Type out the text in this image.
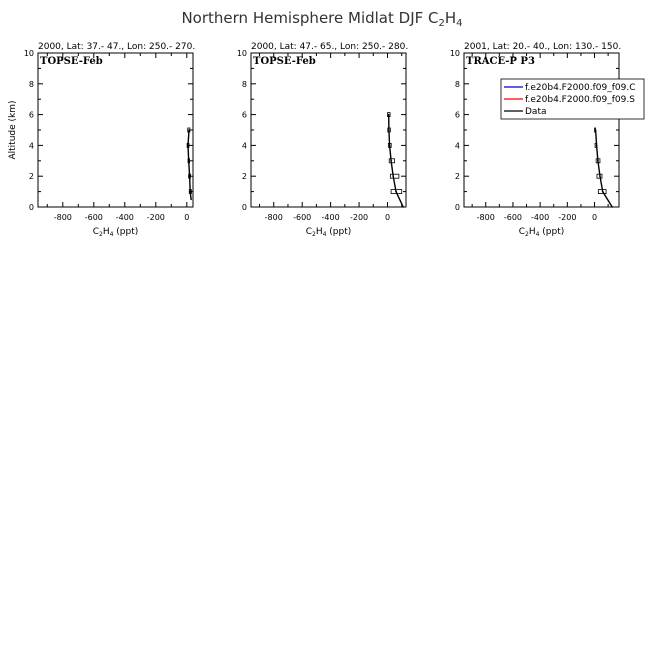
Northern Hemisphere Midlat DJF $C_2H_4$
2000, Lat: 37.- 47., Lon: 250.- 270.
0
2
4
6
8
10
-800 -600 -400 -200 0
$C_2H_4$ (ppt)
Altitude (km)
TOPSE-Feb
2000, Lat: 47.- 65., Lon: 250.- 280.
0
2
4
6
8
10
-800 -600 -400 -200 0
$C_2H_4$ (ppt)
TOPSE-Feb
2001, Lat: 20.- 40., Lon: 130.- 150.
0
2
4
6
8
10
-800 -600 -400 -200 0
$C_2H_4$ (ppt)
TRACE-P P3
f.e20b4.F2000.f09_f09.C
f.e20b4.F2000.f09_f09.S
Data
